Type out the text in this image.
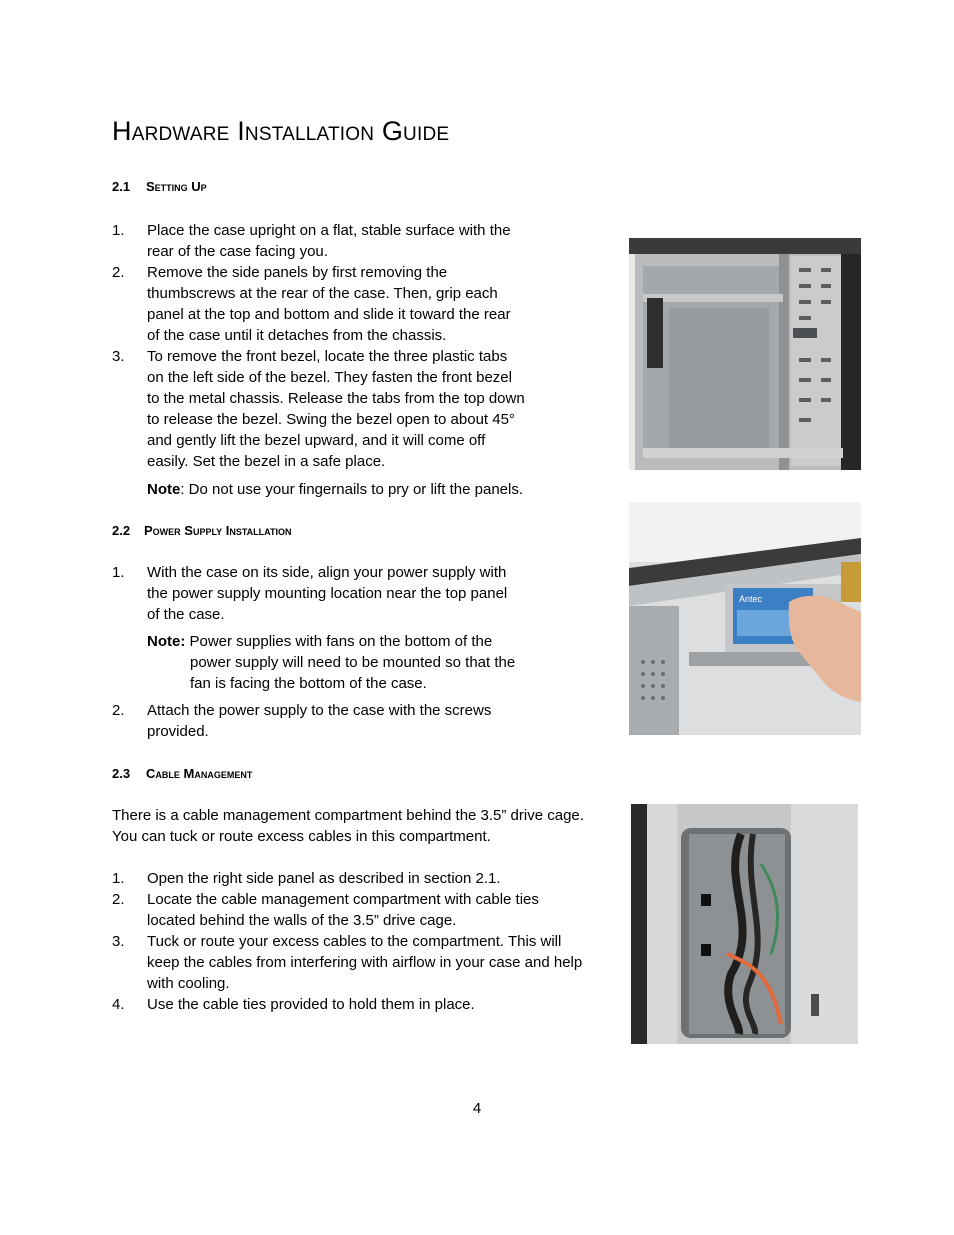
Hardware Installation Guide
2.1 Setting Up
1. Place the case upright on a flat, stable surface with the
rear of the case facing you.
2. Remove the side panels by first removing the
thumbscrews at the rear of the case. Then, grip each
panel at the top and bottom and slide it toward the rear
of the case until it detaches from the chassis.
3. To remove the front bezel, locate the three plastic tabs
on the left side of the bezel. They fasten the front bezel
to the metal chassis. Release the tabs from the top down
to release the bezel. Swing the bezel open to about 45°
and gently lift the bezel upward, and it will come off
easily. Set the bezel in a safe place.
Note: Do not use your fingernails to pry or lift the panels.
2.2 Power Supply Installation
1. With the case on its side, align your power supply with
the power supply mounting location near the top panel
of the case.
Note: Power supplies with fans on the bottom of the
power supply will need to be mounted so that the
fan is facing the bottom of the case.
2. Attach the power supply to the case with the screws
provided.
2.3 Cable Management
There is a cable management compartment behind the 3.5” drive cage.
You can tuck or route excess cables in this compartment.
1. Open the right side panel as described in section 2.1.
2. Locate the cable management compartment with cable ties
located behind the walls of the 3.5” drive cage.
3. Tuck or route your excess cables to the compartment. This will
keep the cables from interfering with airflow in your case and help
with cooling.
4. Use the cable ties provided to hold them in place.
Antec
4
